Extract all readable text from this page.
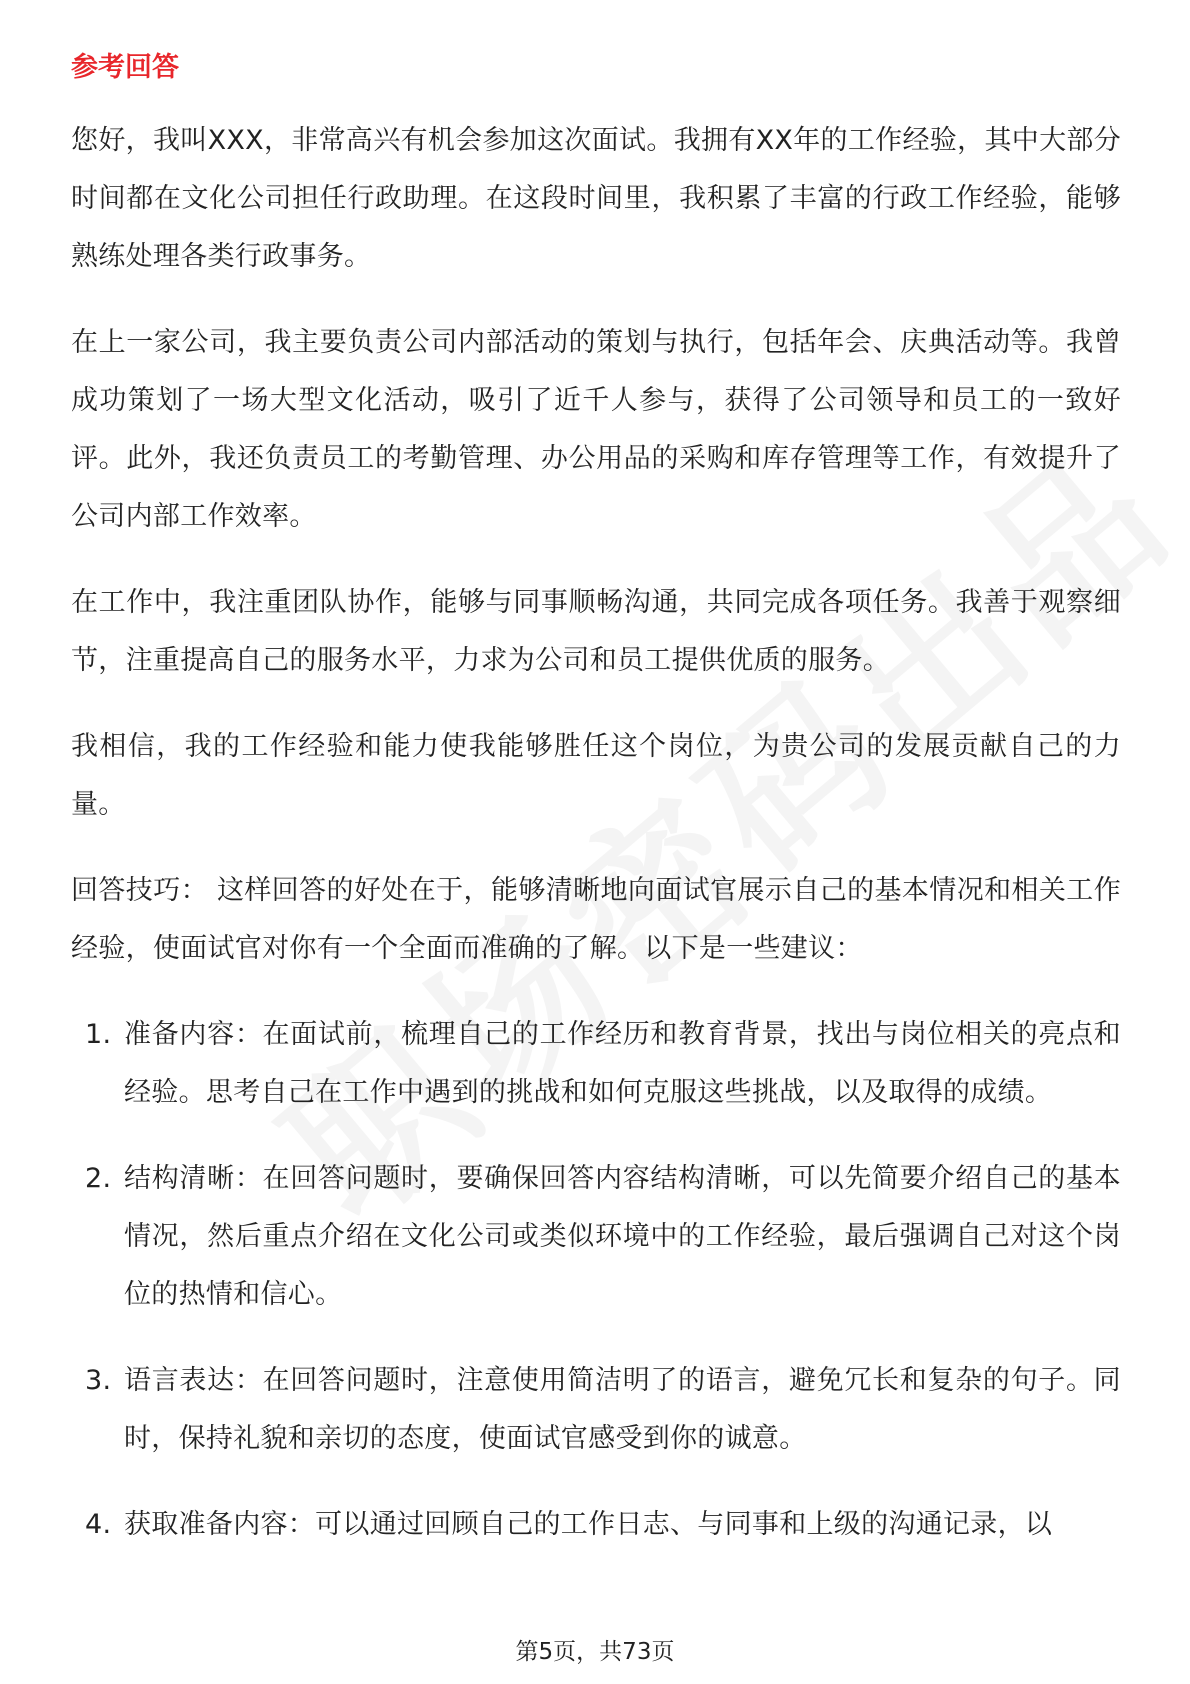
参考回答

您好，我叫XXX，非常高兴有机会参加这次面试。我拥有XX年的工作经验，其中大部分时间都在文化公司担任行政助理。在这段时间里，我积累了丰富的行政工作经验，能够熟练处理各类行政事务。

在上一家公司，我主要负责公司内部活动的策划与执行，包括年会、庆典活动等。我曾成功策划了一场大型文化活动，吸引了近千人参与，获得了公司领导和员工的一致好评。此外，我还负责员工的考勤管理、办公用品的采购和库存管理等工作，有效提升了公司内部工作效率。

在工作中，我注重团队协作，能够与同事顺畅沟通，共同完成各项任务。我善于观察细节，注重提高自己的服务水平，力求为公司和员工提供优质的服务。

我相信，我的工作经验和能力使我能够胜任这个岗位，为贵公司的发展贡献自己的力量。

回答技巧： 这样回答的好处在于，能够清晰地向面试官展示自己的基本情况和相关工作经验，使面试官对你有一个全面而准确的了解。以下是一些建议：

1. 准备内容：在面试前，梳理自己的工作经历和教育背景，找出与岗位相关的亮点和经验。思考自己在工作中遇到的挑战和如何克服这些挑战，以及取得的成绩。
2. 结构清晰：在回答问题时，要确保回答内容结构清晰，可以先简要介绍自己的基本情况，然后重点介绍在文化公司或类似环境中的工作经验，最后强调自己对这个岗位的热情和信心。
3. 语言表达：在回答问题时，注意使用简洁明了的语言，避免冗长和复杂的句子。同时，保持礼貌和亲切的态度，使面试官感受到你的诚意。
4. 获取准备内容：可以通过回顾自己的工作日志、与同事和上级的沟通记录，以
第5页，共73页
